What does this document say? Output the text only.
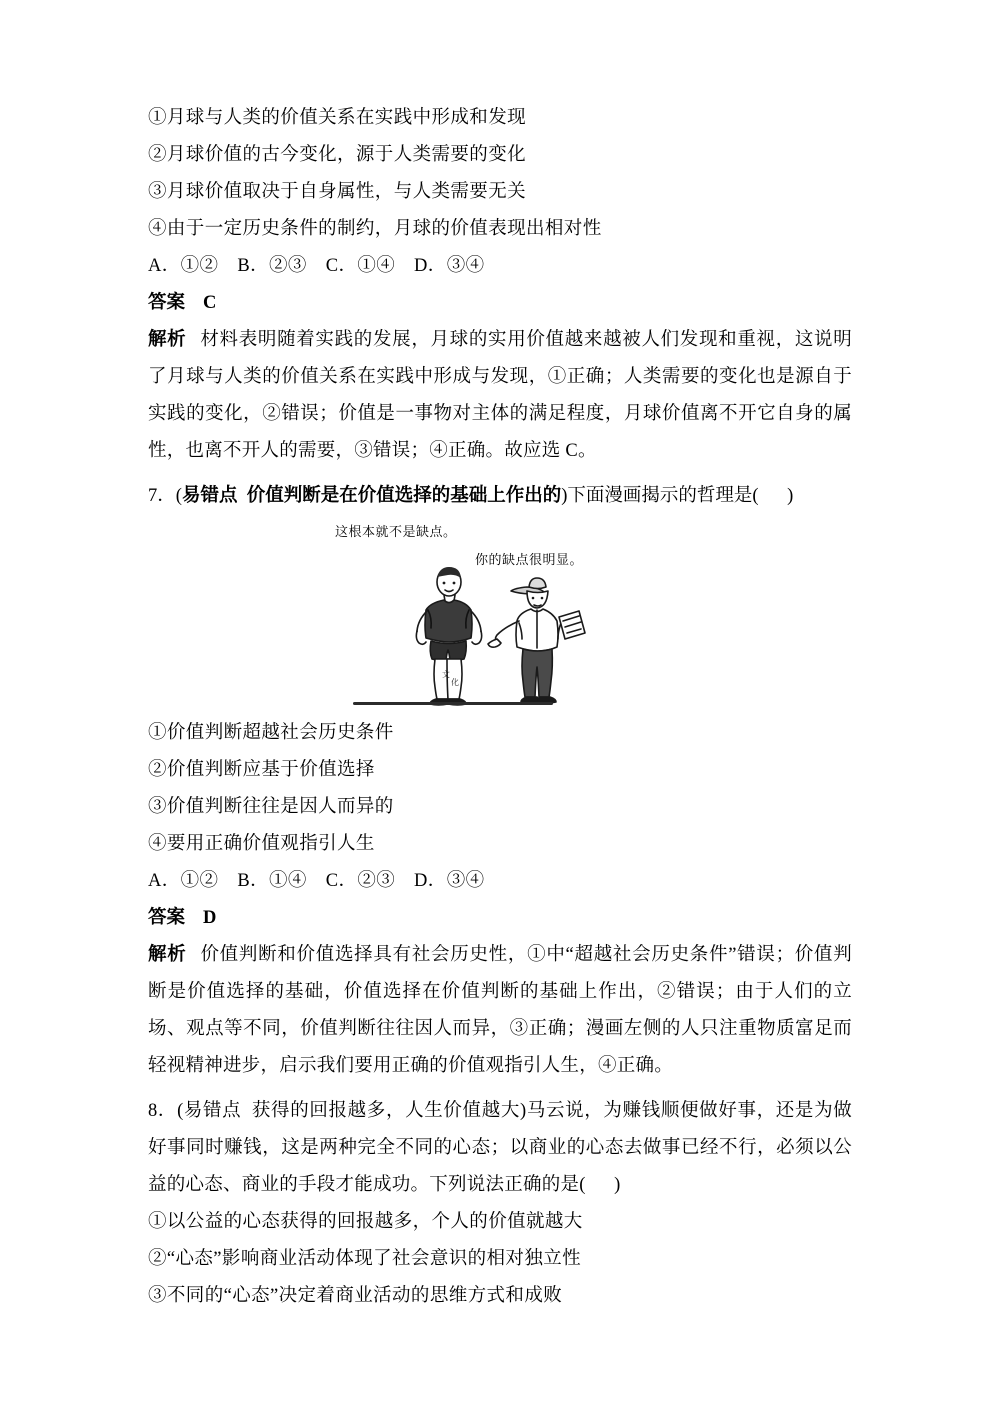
①月球与人类的价值关系在实践中形成和发现
②月球价值的古今变化，源于人类需要的变化
③月球价值取决于自身属性，与人类需要无关
④由于一定历史条件的制约，月球的价值表现出相对性
A．①②　B．②③　C．①④　D．③④
答案 C
解析 材料表明随着实践的发展，月球的实用价值越来越被人们发现和重视，这说明了月球与人类的价值关系在实践中形成与发现，①正确；人类需要的变化也是源自于实践的变化，②错误；价值是一事物对主体的满足程度，月球价值离不开它自身的属性，也离不开人的需要，③错误；④正确。故应选 C。
7．(易错点 价值判断是在价值选择的基础上作出的)下面漫画揭示的哲理是( )
这根本就不是缺点。
你的缺点很明显。
文
化
①价值判断超越社会历史条件
②价值判断应基于价值选择
③价值判断往往是因人而异的
④要用正确价值观指引人生
A．①②　B．①④　C．②③　D．③④
答案 D
解析 价值判断和价值选择具有社会历史性，①中“超越社会历史条件”错误；价值判断是价值选择的基础，价值选择在价值判断的基础上作出，②错误；由于人们的立场、观点等不同，价值判断往往因人而异，③正确；漫画左侧的人只注重物质富足而轻视精神进步，启示我们要用正确的价值观指引人生，④正确。
8．(易错点 获得的回报越多，人生价值越大)马云说，为赚钱顺便做好事，还是为做好事同时赚钱，这是两种完全不同的心态；以商业的心态去做事已经不行，必须以公益的心态、商业的手段才能成功。下列说法正确的是( )
①以公益的心态获得的回报越多，个人的价值就越大
②“心态”影响商业活动体现了社会意识的相对独立性
③不同的“心态”决定着商业活动的思维方式和成败
